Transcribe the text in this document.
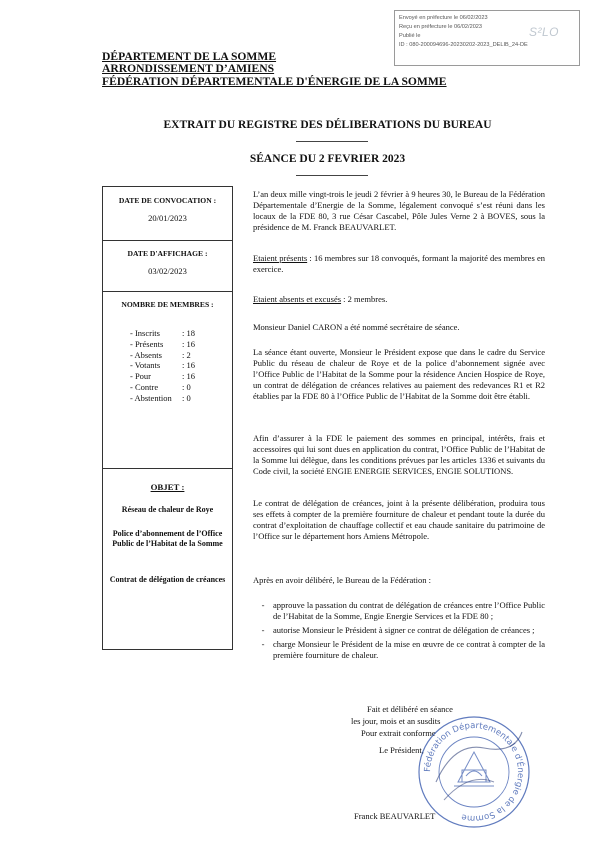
Envoyé en préfecture le 06/02/2023
Reçu en préfecture le 06/02/2023
Publié le
ID : 080-200094696-20230202-2023_DELIB_24-DE
S²LO
DÉPARTEMENT DE LA SOMME
ARRONDISSEMENT D’AMIENS
FÉDÉRATION DÉPARTEMENTALE D'ÉNERGIE DE LA SOMME
EXTRAIT DU REGISTRE DES DÉLIBERATIONS DU BUREAU
SÉANCE DU 2 FEVRIER 2023
DATE DE CONVOCATION :
20/01/2023
DATE D'AFFICHAGE :
03/02/2023
NOMBRE DE MEMBRES :
- Inscrits	: 18
- Présents	: 16
- Absents	: 2
- Votants	: 16
- Pour	: 16
- Contre	: 0
- Abstention	: 0
OBJET :
Réseau de chaleur de Roye
Police d’abonnement de l’Office Public de l’Habitat de la Somme
Contrat de délégation de créances
L’an deux mille vingt-trois le jeudi 2 février à 9 heures 30, le Bureau de la Fédération Départementale d’Energie de la Somme, légalement convoqué s’est réuni dans les locaux de la FDE 80, 3 rue César Cascabel, Pôle Jules Verne 2 à BOVES, sous la présidence de M. Franck BEAUVARLET.
Etaient présents : 16 membres sur 18 convoqués, formant la majorité des membres en exercice.
Etaient absents et excusés : 2 membres.
Monsieur Daniel CARON a été nommé secrétaire de séance.
La séance étant ouverte, Monsieur le Président expose que dans le cadre du Service Public du réseau de chaleur de Roye et de la police d’abonnement signée avec l’Office Public de l’Habitat de la Somme pour la résidence Ancien Hospice de Roye, un contrat de délégation de créances relatives au paiement des redevances R1 et R2 établies par la FDE 80 à l’Office Public de l’Habitat de la Somme doit être établi.
Afin d’assurer à la FDE le paiement des sommes en principal, intérêts, frais et accessoires qui lui sont dues en application du contrat, l’Office Public de l’Habitat de la Somme lui délègue, dans les conditions prévues par les articles 1336 et suivants du Code civil, la société ENGIE ENERGIE SERVICES, ENGIE SOLUTIONS.
Le contrat de délégation de créances, joint à la présente délibération, produira tous ses effets à compter de la première fourniture de chaleur et pendant toute la durée du contrat d’exploitation de chauffage collectif et eau chaude sanitaire du patrimoine de l’Office sur le département hors Amiens Métropole.
Après en avoir délibéré, le Bureau de la Fédération :
-	approuve la passation du contrat de délégation de créances entre l’Office Public de l’Habitat de la Somme, Engie Energie Services et la FDE 80 ;
-	autorise Monsieur le Président à signer ce contrat de délégation de créances ;
-	charge Monsieur le Président de la mise en œuvre de ce contrat à compter de la première fourniture de chaleur.
Fait et délibéré en séance
les jour, mois et an susdits
Pour extrait conforme
Le Président,
Fédération Départementale d'Énergie de la Somme
Franck BEAUVARLET
